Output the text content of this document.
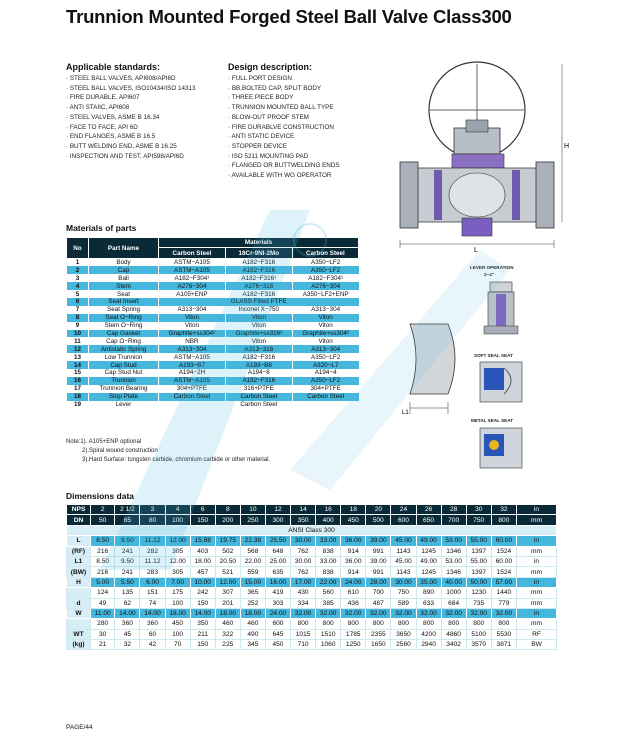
Trunnion Mounted Forged Steel Ball Valve Class300
Applicable standards:
· STEEL BALL VALVES, API608/API6D
· STEEL BALL VALVES, ISO10434/ISO 14313
· FIRE DURABLE, API607
· ANTI STAIIC, API608
· STEEL VALVES, ASME B 16.34
· FACE TO FACE, API 6D
· END FLANGES, ASME B 16.5
· BUTT WELDING END, ASME B 16.25
· INSPECTION AND TEST, API598/API6D
Design description:
· FULL PORT DESIGN
· BB,BOLTED CAP, SPLIT BODY
· THREE PIECE BODY
· TRUNNION MOUNTED BALL TYPE
· BLOW-OUT PROOF STEM
· FIRE DURABLVE CONSTRUCTION
· ANTI STATIC DEVICE
· STOPPER DEVICE
· ISO 5211 MOUNTING PAD
· FLANGED OR BUTTWELDING ENDS
· AVAILABLE WITH WG OPERATOR
H
L
Materials of parts
No	Part Name	Materials		
		Carbon Steel	18Cr-9NI-2Mo	Carbon Steel
1	Body	ASTM−A105	A182−F316	A350−LF2
2	Cap	ASTM−A105	A182−F316	A350−LF2
3	Ball	A182−F304¹	A182−F316¹	A182−F304¹
4	Stem	A276−304	A276−316	A276−304
5	Seat	A105+ENP	A182−F316	A350−LF2+ENP
6	Seat Insert	GLASS Filled PTFE		
7	Seat Spring	A313−304	Inconel X−750	A313−304
8	Seat O−Ring	Viton	Viton	Viton
9	Stem O−Ring	Viton	Viton	Viton
10	Cap Gasket	Graphite+ss304²	Graphite+ss316²	Graphite+ss304²
11	Cap O−Ring	NBR	Viton	Viton
12	Antistatic Spring	A313−304	A313−316	A313−304
13	Low Trunnion	ASTM−A105	A182−F316	A350−LF2
14	Cap Stud	A193−B7	A193−B8	A320−L7
15	Cap Stud Nut	A194−2H	A194−8	A194−4
16	Trunnion	ASTM−A105	A182−F316	A350−LF2
17	Trunnion Bearing	304+PTFE	316+PTFE	304+PTFE
18	Stop Plate	Carbon Steel	Carbon Steel	Carbon Steel
19	Lever	Carbon Steel		
Note:1). A105+ENP optional
2).Spiral wound construction
3).Hard Surface: tungsten carbide, chromium carbide or other material.
L1
LEVER OPERATION
2−4"
SOFT SEAL SEAT
METAL SEAL SEAT
Dimensions data
NPS	2	2 1/2	3	4	6	8	10	12	14	16	18	20	24	26	28	30	32	in
DN	50	65	80	100	150	200	250	300	350	400	450	500	600	650	700	750	800	mm
ANSI Class 300																		
L	8.50	9.50	11.12	12.00	15.88	19.75	22.38	25.50	30.00	33.00	36.00	39.00	45.00	49.00	53.00	55.00	60.00	in
(RF)	216	241	282	305	403	502	568	648	762	838	914	991	1143	1245	1346	1397	1524	mm
L1	8.50	9.50	11.12	12.00	18.00	20.50	22.00	25.00	30.00	33.00	36.00	39.00	45.00	49.00	53.00	55.00	60.00	in
(BW)	216	241	283	305	457	521	559	635	762	838	914	991	1143	1245	1346	1397	1524	mm
H	5.00	5.50	6.00	7.00	10.00	12.00	15.00	16.00	17.00	22.00	24.00	28.00	30.00	35.00	40.00	50.00	57.00	in
	124	135	151	175	242	307	365	419	430	560	610	700	750	890	1000	1230	1440	mm
d	49	62	74	100	150	201	252	303	334	385	436	487	589	633	684	735	779	mm
W	11.00	14.00	14.00	18.00	14.00	18.00	18.00	24.00	32.00	32.00	32.00	32.00	32.00	32.00	32.00	32.00	32.00	in
	280	360	360	450	350	460	460	600	800	800	800	800	800	800	800	800	800	mm
WT	30	45	60	100	211	322	490	645	1015	1510	1785	2355	3650	4200	4860	5100	5530	RF
(kg)	21	32	42	70	150	225	345	450	710	1060	1250	1650	2560	2940	3402	3570	3871	BW
PAGE/44
